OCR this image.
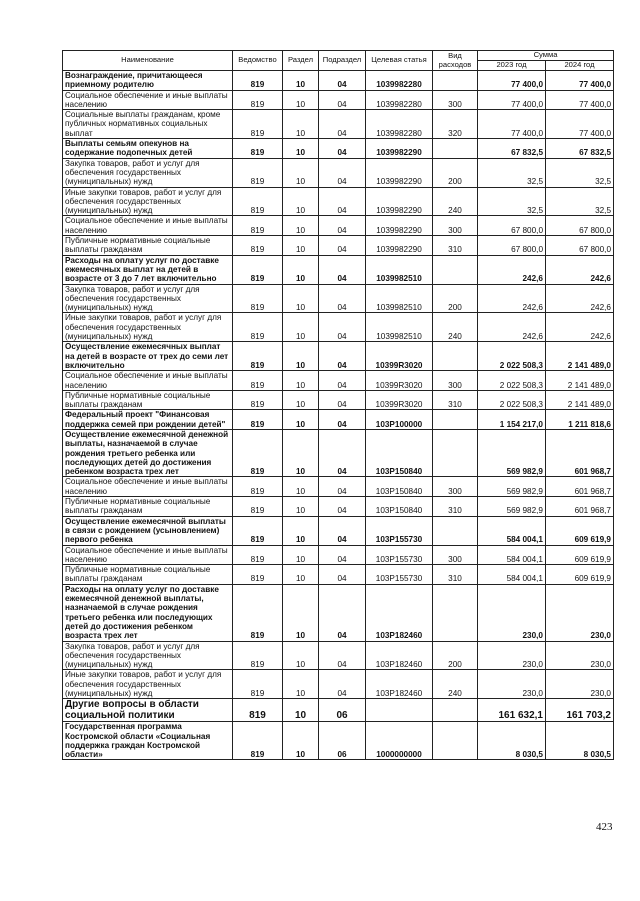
Наименование	Ведомство	Раздел	Подраздел	Целевая статья	Вид расходов	Сумма	
						2023 год	2024 год
Вознаграждение, причитающееся приемному родителю	819	10	04	1039982280		77 400,0	77 400,0
Социальное обеспечение и иные выплаты населению	819	10	04	1039982280	300	77 400,0	77 400,0
Социальные выплаты гражданам, кроме публичных нормативных социальных выплат	819	10	04	1039982280	320	77 400,0	77 400,0
Выплаты семьям опекунов на содержание подопечных детей	819	10	04	1039982290		67 832,5	67 832,5
Закупка товаров, работ и услуг для обеспечения государственных (муниципальных) нужд	819	10	04	1039982290	200	32,5	32,5
Иные закупки товаров, работ и услуг для обеспечения государственных (муниципальных) нужд	819	10	04	1039982290	240	32,5	32,5
Социальное обеспечение и иные выплаты населению	819	10	04	1039982290	300	67 800,0	67 800,0
Публичные нормативные социальные выплаты гражданам	819	10	04	1039982290	310	67 800,0	67 800,0
Расходы на оплату услуг по доставке ежемесячных выплат на детей в возрасте от 3 до 7 лет включительно	819	10	04	1039982510		242,6	242,6
Закупка товаров, работ и услуг для обеспечения государственных (муниципальных) нужд	819	10	04	1039982510	200	242,6	242,6
Иные закупки товаров, работ и услуг для обеспечения государственных (муниципальных) нужд	819	10	04	1039982510	240	242,6	242,6
Осуществление ежемесячных выплат на детей в возрасте от трех до семи лет включительно	819	10	04	10399R3020		2 022 508,3	2 141 489,0
Социальное обеспечение и иные выплаты населению	819	10	04	10399R3020	300	2 022 508,3	2 141 489,0
Публичные нормативные социальные выплаты гражданам	819	10	04	10399R3020	310	2 022 508,3	2 141 489,0
Федеральный проект "Финансовая поддержка семей при рождении детей"	819	10	04	103P100000		1 154 217,0	1 211 818,6
Осуществление ежемесячной денежной выплаты, назначаемой в случае рождения третьего ребенка или последующих детей до достижения ребенком возраста трех лет	819	10	04	103P150840		569 982,9	601 968,7
Социальное обеспечение и иные выплаты населению	819	10	04	103P150840	300	569 982,9	601 968,7
Публичные нормативные социальные выплаты гражданам	819	10	04	103P150840	310	569 982,9	601 968,7
Осуществление ежемесячной выплаты в связи с рождением (усыновлением) первого ребенка	819	10	04	103P155730		584 004,1	609 619,9
Социальное обеспечение и иные выплаты населению	819	10	04	103P155730	300	584 004,1	609 619,9
Публичные нормативные социальные выплаты гражданам	819	10	04	103P155730	310	584 004,1	609 619,9
Расходы на оплату услуг по доставке ежемесячной денежной выплаты, назначаемой в случае рождения третьего ребенка или последующих детей до достижения ребенком возраста трех лет	819	10	04	103P182460		230,0	230,0
Закупка товаров, работ и услуг для обеспечения государственных (муниципальных) нужд	819	10	04	103P182460	200	230,0	230,0
Иные закупки товаров, работ и услуг для обеспечения государственных (муниципальных) нужд	819	10	04	103P182460	240	230,0	230,0
Другие вопросы в области социальной политики	819	10	06			161 632,1	161 703,2
Государственная программа Костромской области «Социальная поддержка граждан Костромской области»	819	10	06	1000000000		8 030,5	8 030,5
423
